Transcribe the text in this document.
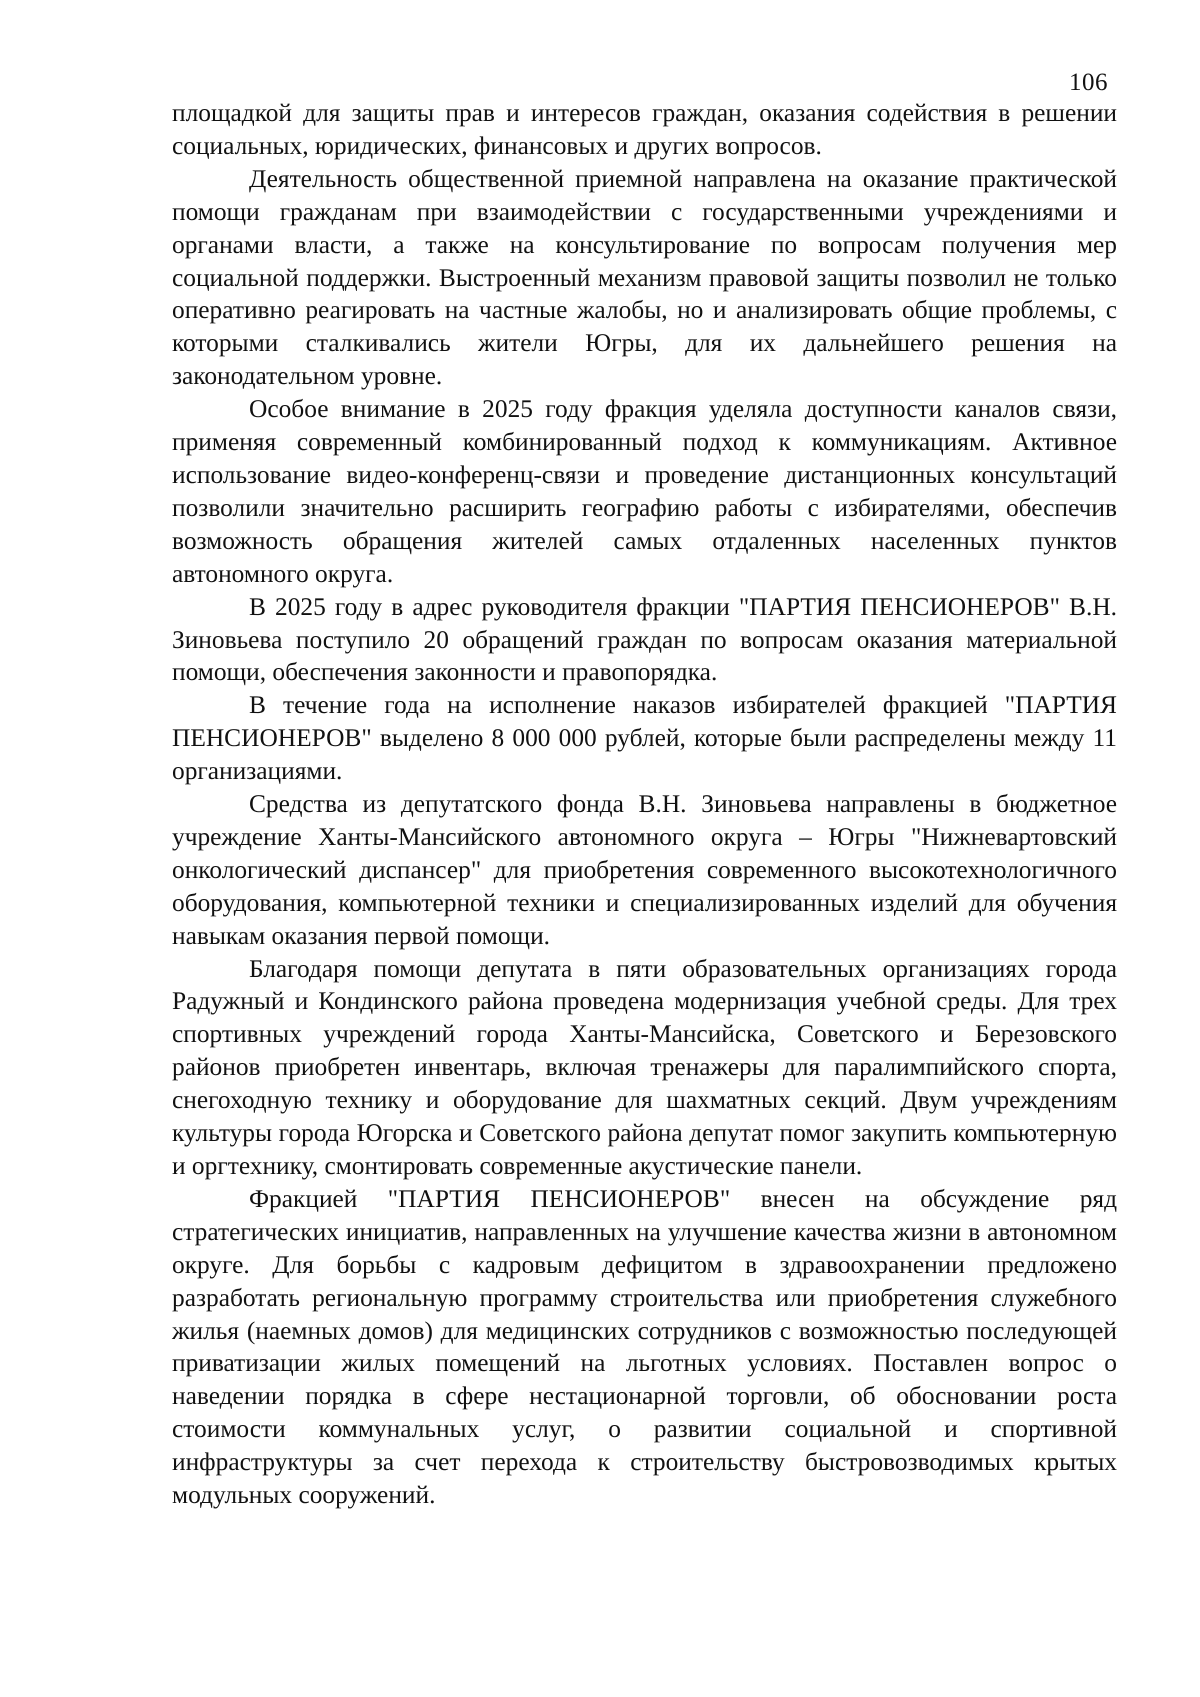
106

площадкой для защиты прав и интересов граждан, оказания содействия в решении социальных, юридических, финансовых и других вопросов.

Деятельность общественной приемной направлена на оказание практической помощи гражданам при взаимодействии с государственными учреждениями и органами власти, а также на консультирование по вопросам получения мер социальной поддержки. Выстроенный механизм правовой защиты позволил не только оперативно реагировать на частные жалобы, но и анализировать общие проблемы, с которыми сталкивались жители Югры, для их дальнейшего решения на законодательном уровне.

Особое внимание в 2025 году фракция уделяла доступности каналов связи, применяя современный комбинированный подход к коммуникациям. Активное использование видео-конференц-связи и проведение дистанционных консультаций позволили значительно расширить географию работы с избирателями, обеспечив возможность обращения жителей самых отдаленных населенных пунктов автономного округа.

В 2025 году в адрес руководителя фракции "ПАРТИЯ ПЕНСИОНЕРОВ" В.Н. Зиновьева поступило 20 обращений граждан по вопросам оказания материальной помощи, обеспечения законности и правопорядка.

В течение года на исполнение наказов избирателей фракцией "ПАРТИЯ ПЕНСИОНЕРОВ" выделено 8 000 000 рублей, которые были распределены между 11 организациями.

Средства из депутатского фонда В.Н. Зиновьева направлены в бюджетное учреждение Ханты-Мансийского автономного округа – Югры "Нижневартовский онкологический диспансер" для приобретения современного высокотехнологичного оборудования, компьютерной техники и специализированных изделий для обучения навыкам оказания первой помощи.

Благодаря помощи депутата в пяти образовательных организациях города Радужный и Кондинского района проведена модернизация учебной среды. Для трех спортивных учреждений города Ханты-Мансийска, Советского и Березовского районов приобретен инвентарь, включая тренажеры для паралимпийского спорта, снегоходную технику и оборудование для шахматных секций. Двум учреждениям культуры города Югорска и Советского района депутат помог закупить компьютерную и оргтехнику, смонтировать современные акустические панели.

Фракцией "ПАРТИЯ ПЕНСИОНЕРОВ" внесен на обсуждение ряд стратегических инициатив, направленных на улучшение качества жизни в автономном округе. Для борьбы с кадровым дефицитом в здравоохранении предложено разработать региональную программу строительства или приобретения служебного жилья (наемных домов) для медицинских сотрудников с возможностью последующей приватизации жилых помещений на льготных условиях. Поставлен вопрос о наведении порядка в сфере нестационарной торговли, об обосновании роста стоимости коммунальных услуг, о развитии социальной и спортивной инфраструктуры за счет перехода к строительству быстровозводимых крытых модульных сооружений.
